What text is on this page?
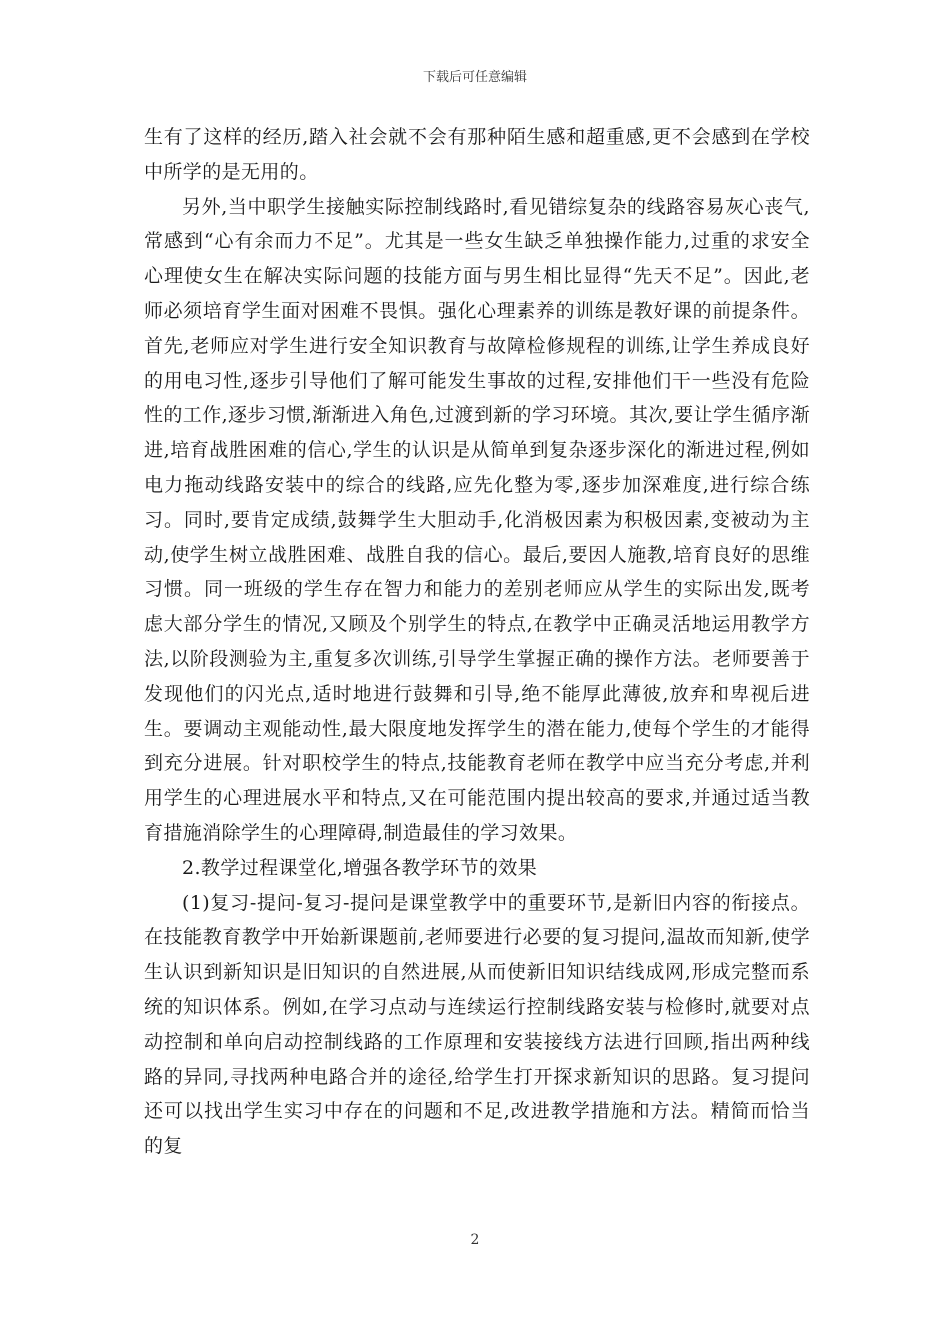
下载后可任意编辑

生有了这样的经历,踏入社会就不会有那种陌生感和超重感,更不会感到在学校中所学的是无用的。

另外,当中职学生接触实际控制线路时,看见错综复杂的线路容易灰心丧气,常感到“心有余而力不足”。尤其是一些女生缺乏单独操作能力,过重的求安全心理使女生在解决实际问题的技能方面与男生相比显得“先天不足”。因此,老师必须培育学生面对困难不畏惧。强化心理素养的训练是教好课的前提条件。首先,老师应对学生进行安全知识教育与故障检修规程的训练,让学生养成良好的用电习性,逐步引导他们了解可能发生事故的过程,安排他们干一些没有危险性的工作,逐步习惯,渐渐进入角色,过渡到新的学习环境。其次,要让学生循序渐进,培育战胜困难的信心,学生的认识是从简单到复杂逐步深化的渐进过程,例如电力拖动线路安装中的综合的线路,应先化整为零,逐步加深难度,进行综合练习。同时,要肯定成绩,鼓舞学生大胆动手,化消极因素为积极因素,变被动为主动,使学生树立战胜困难、战胜自我的信心。最后,要因人施教,培育良好的思维习惯。同一班级的学生存在智力和能力的差别老师应从学生的实际出发,既考虑大部分学生的情况,又顾及个别学生的特点,在教学中正确灵活地运用教学方法,以阶段测验为主,重复多次训练,引导学生掌握正确的操作方法。老师要善于发现他们的闪光点,适时地进行鼓舞和引导,绝不能厚此薄彼,放弃和卑视后进生。要调动主观能动性,最大限度地发挥学生的潜在能力,使每个学生的才能得到充分进展。针对职校学生的特点,技能教育老师在教学中应当充分考虑,并利用学生的心理进展水平和特点,又在可能范围内提出较高的要求,并通过适当教育措施消除学生的心理障碍,制造最佳的学习效果。

2.教学过程课堂化,增强各教学环节的效果

(1)复习-提问-复习-提问是课堂教学中的重要环节,是新旧内容的衔接点。在技能教育教学中开始新课题前,老师要进行必要的复习提问,温故而知新,使学生认识到新知识是旧知识的自然进展,从而使新旧知识结线成网,形成完整而系统的知识体系。例如,在学习点动与连续运行控制线路安装与检修时,就要对点动控制和单向启动控制线路的工作原理和安装接线方法进行回顾,指出两种线路的异同,寻找两种电路合并的途径,给学生打开探求新知识的思路。复习提问还可以找出学生实习中存在的问题和不足,改进教学措施和方法。精简而恰当的复

2
